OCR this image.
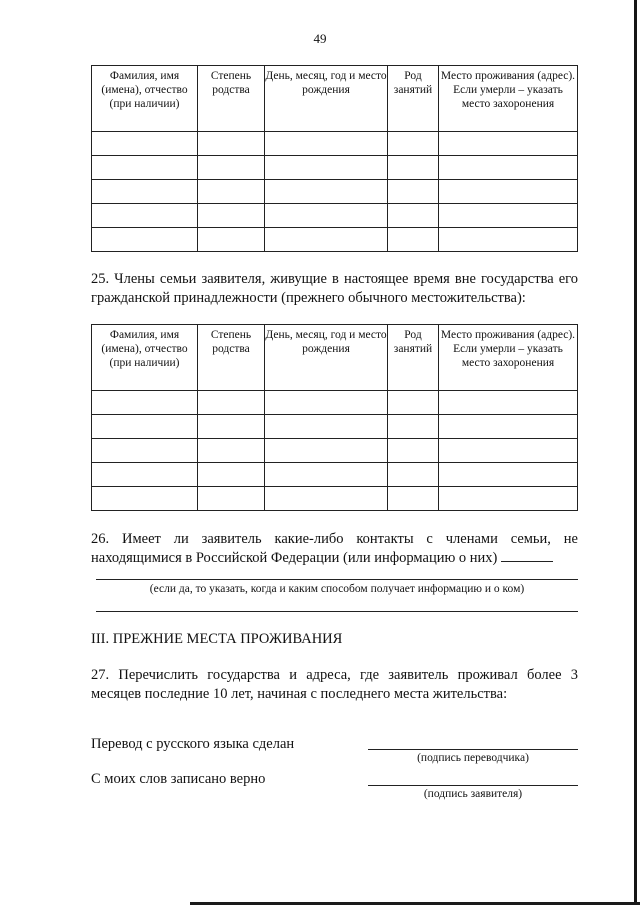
49
Фамилия, имя (имена), отчество (при наличии)	Степень родства	День, месяц, год и место рождения	Род занятий	Место проживания (адрес). Если умерли – указать место захоронения

25. Члены семьи заявителя, живущие в настоящее время вне государства его гражданской принадлежности (прежнего обычного местожительства):
Фамилия, имя (имена), отчество (при наличии)	Степень родства	День, месяц, год и место рождения	Род занятий	Место проживания (адрес). Если умерли – указать место захоронения

26. Имеет ли заявитель какие-либо контакты с членами семьи, не находящимися в Российской Федерации (или информацию о них)
(если да, то указать, когда и каким способом получает информацию и о ком)
III. ПРЕЖНИЕ МЕСТА ПРОЖИВАНИЯ
27. Перечислить государства и адреса, где заявитель проживал более 3 месяцев последние 10 лет, начиная с последнего места жительства:
Перевод с русского языка сделан
(подпись переводчика)
С моих слов записано верно
(подпись заявителя)
